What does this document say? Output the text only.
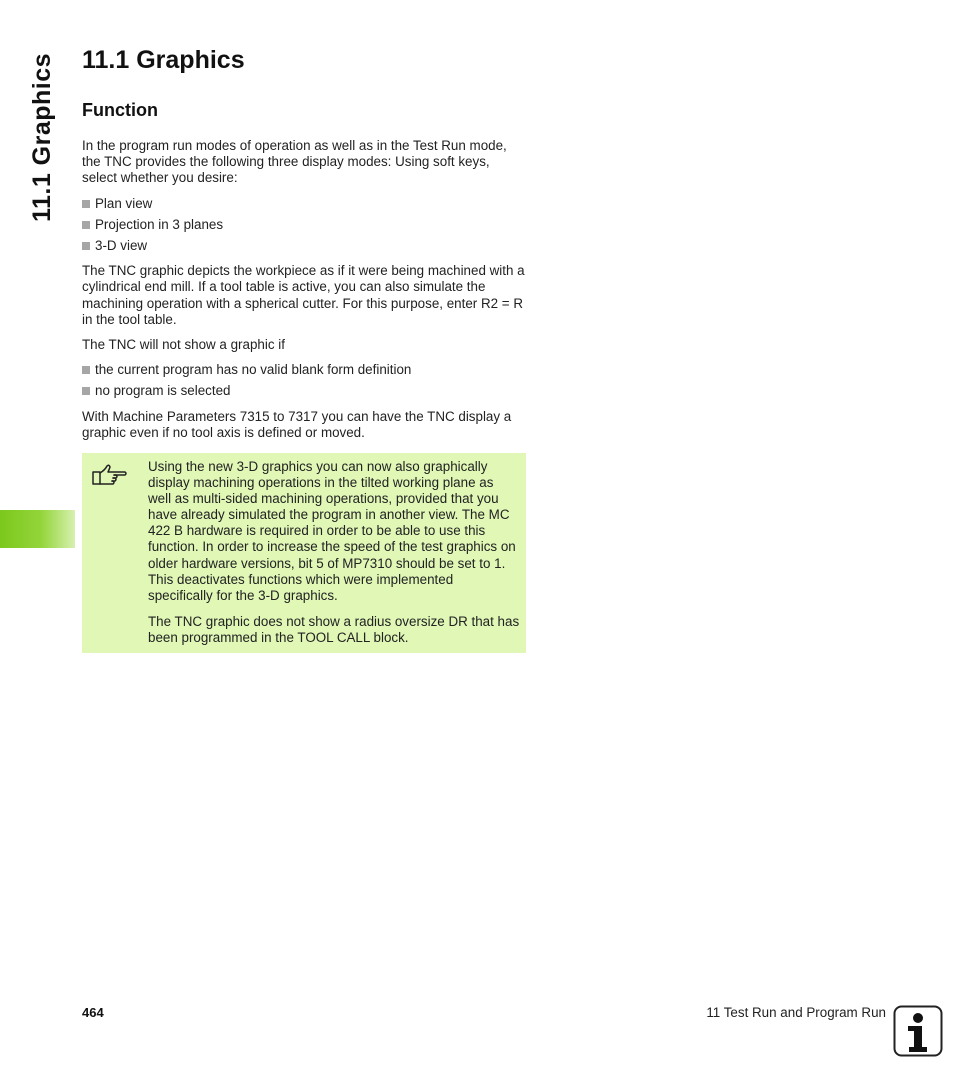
11.1 Graphics 11.1 Graphics
Function

In the program run modes of operation as well as in the Test Run mode, the TNC provides the following three display modes: Using soft keys, select whether you desire:

Plan view
Projection in 3 planes
3-D view

The TNC graphic depicts the workpiece as if it were being machined with a cylindrical end mill. If a tool table is active, you can also simulate the machining operation with a spherical cutter. For this purpose, enter R2 = R in the tool table.

The TNC will not show a graphic if

the current program has no valid blank form definition
no program is selected

With Machine Parameters 7315 to 7317 you can have the TNC display a graphic even if no tool axis is defined or moved.

Using the new 3-D graphics you can now also graphically display machining operations in the tilted working plane as well as multi-sided machining operations, provided that you have already simulated the program in another view. The MC 422 B hardware is required in order to be able to use this function. In order to increase the speed of the test graphics on older hardware versions, bit 5 of MP7310 should be set to 1. This deactivates functions which were implemented specifically for the 3-D graphics.

The TNC graphic does not show a radius oversize DR that has been programmed in the TOOL CALL block.

464	11 Test Run and Program Run
